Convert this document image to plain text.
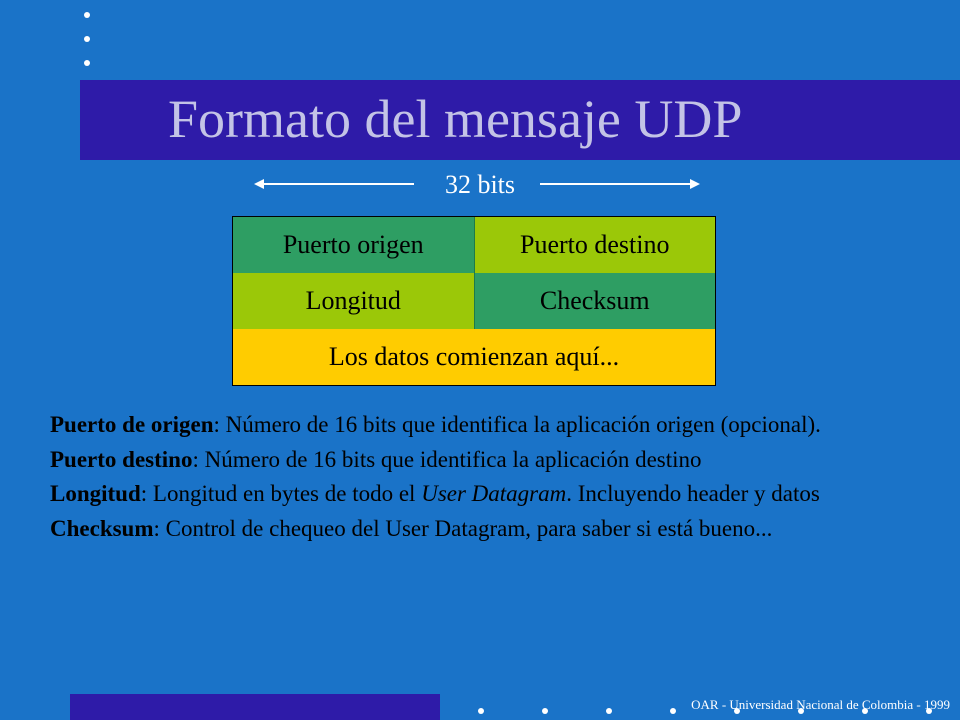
Formato del mensaje UDP
32 bits
Puerto origen	Puerto destino
Longitud	Checksum
Los datos comienzan aquí...
Puerto de origen: Número de 16 bits que identifica la aplicación origen (opcional).
Puerto destino: Número de 16 bits que identifica la aplicación destino
Longitud: Longitud en bytes de todo el User Datagram. Incluyendo header y datos
Checksum: Control de chequeo del User Datagram, para saber si está bueno...
OAR - Universidad Nacional de Colombia - 1999
